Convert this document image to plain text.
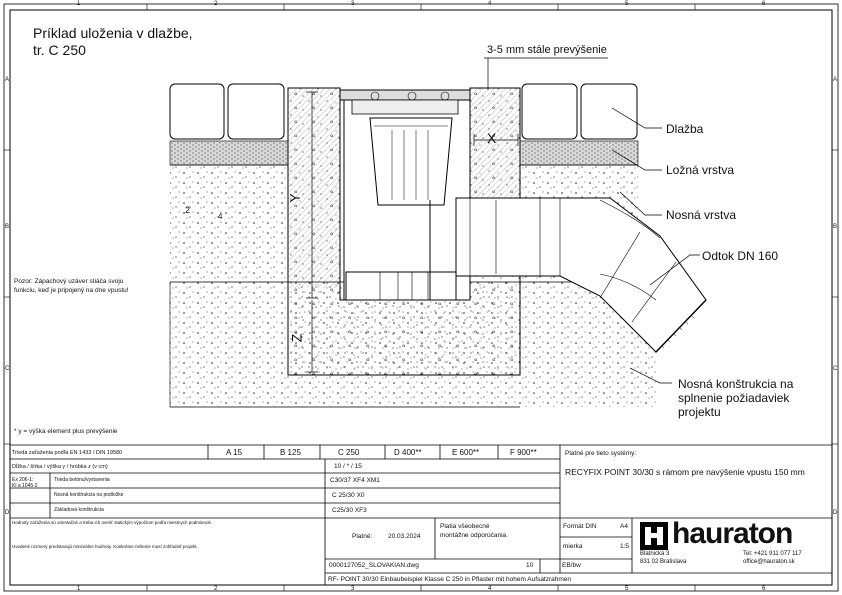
1	2	3	4	5	6
1	2	3	4	5	6
A
B
C
D
A
B
C
D
Príklad uloženia v dlažbe,
tr. C 250	3-5 mm stále prevýšenie
Dlažba
Ložná vrstva
Nosná vrstva
Odtok DN 160
Nosná konštrukcia na
splnenie požiadaviek
projektu
X
Y
Z
2
4
Pozor: Zápachový uzáver stiáča svoju
funkciu, keď je pripojený na dne vpustu!
* y = výška element plus prevýšenie
Trieda zaťaženia podľa EN 1433 / DIN 19580	A 15	B 125	C 250	D 400**	E 600**	F 900**
Dĺžka / šírka / výška y / hrúbka z (v cm)	10 / * / 15
Ex 206-1:
Kl a 1045-2
Trieda betónu/vystavenia	C30/37 XF4 XM1
Nosná konštrukcia na podložke	C 25/30 X0
Základová konštrukcia	C25/30 XF3
Hodnoty zaťaženia sú orientačné a treba ich overiť statickým výpočtom podľa miestnych podmienok.
Uvedené rozmery predstavujú minimálne hodnoty. Konkrétne riešenie musí zohľadniť projekt.
Platné: 20.03.2024
Platia všeobecné
montážne odporúčania.
0000127052_SLOVAKIAN.dwg	10	EB/bw
Platné pre tieto systémy:
RECYFIX POINT 30/30 s rámom pre navýšenie vpustu 150 mm
Formát DIN	A4
mierka	1:5 hauraton
Blatnická 3
831 02 Bratislava
Tel: +421 911 077 117
office@hauraton.sk
RF- POINT 30/30 Einbaubeispiel Klasse C 250 in Pflaster mit hohem Aufsatzrahmen
